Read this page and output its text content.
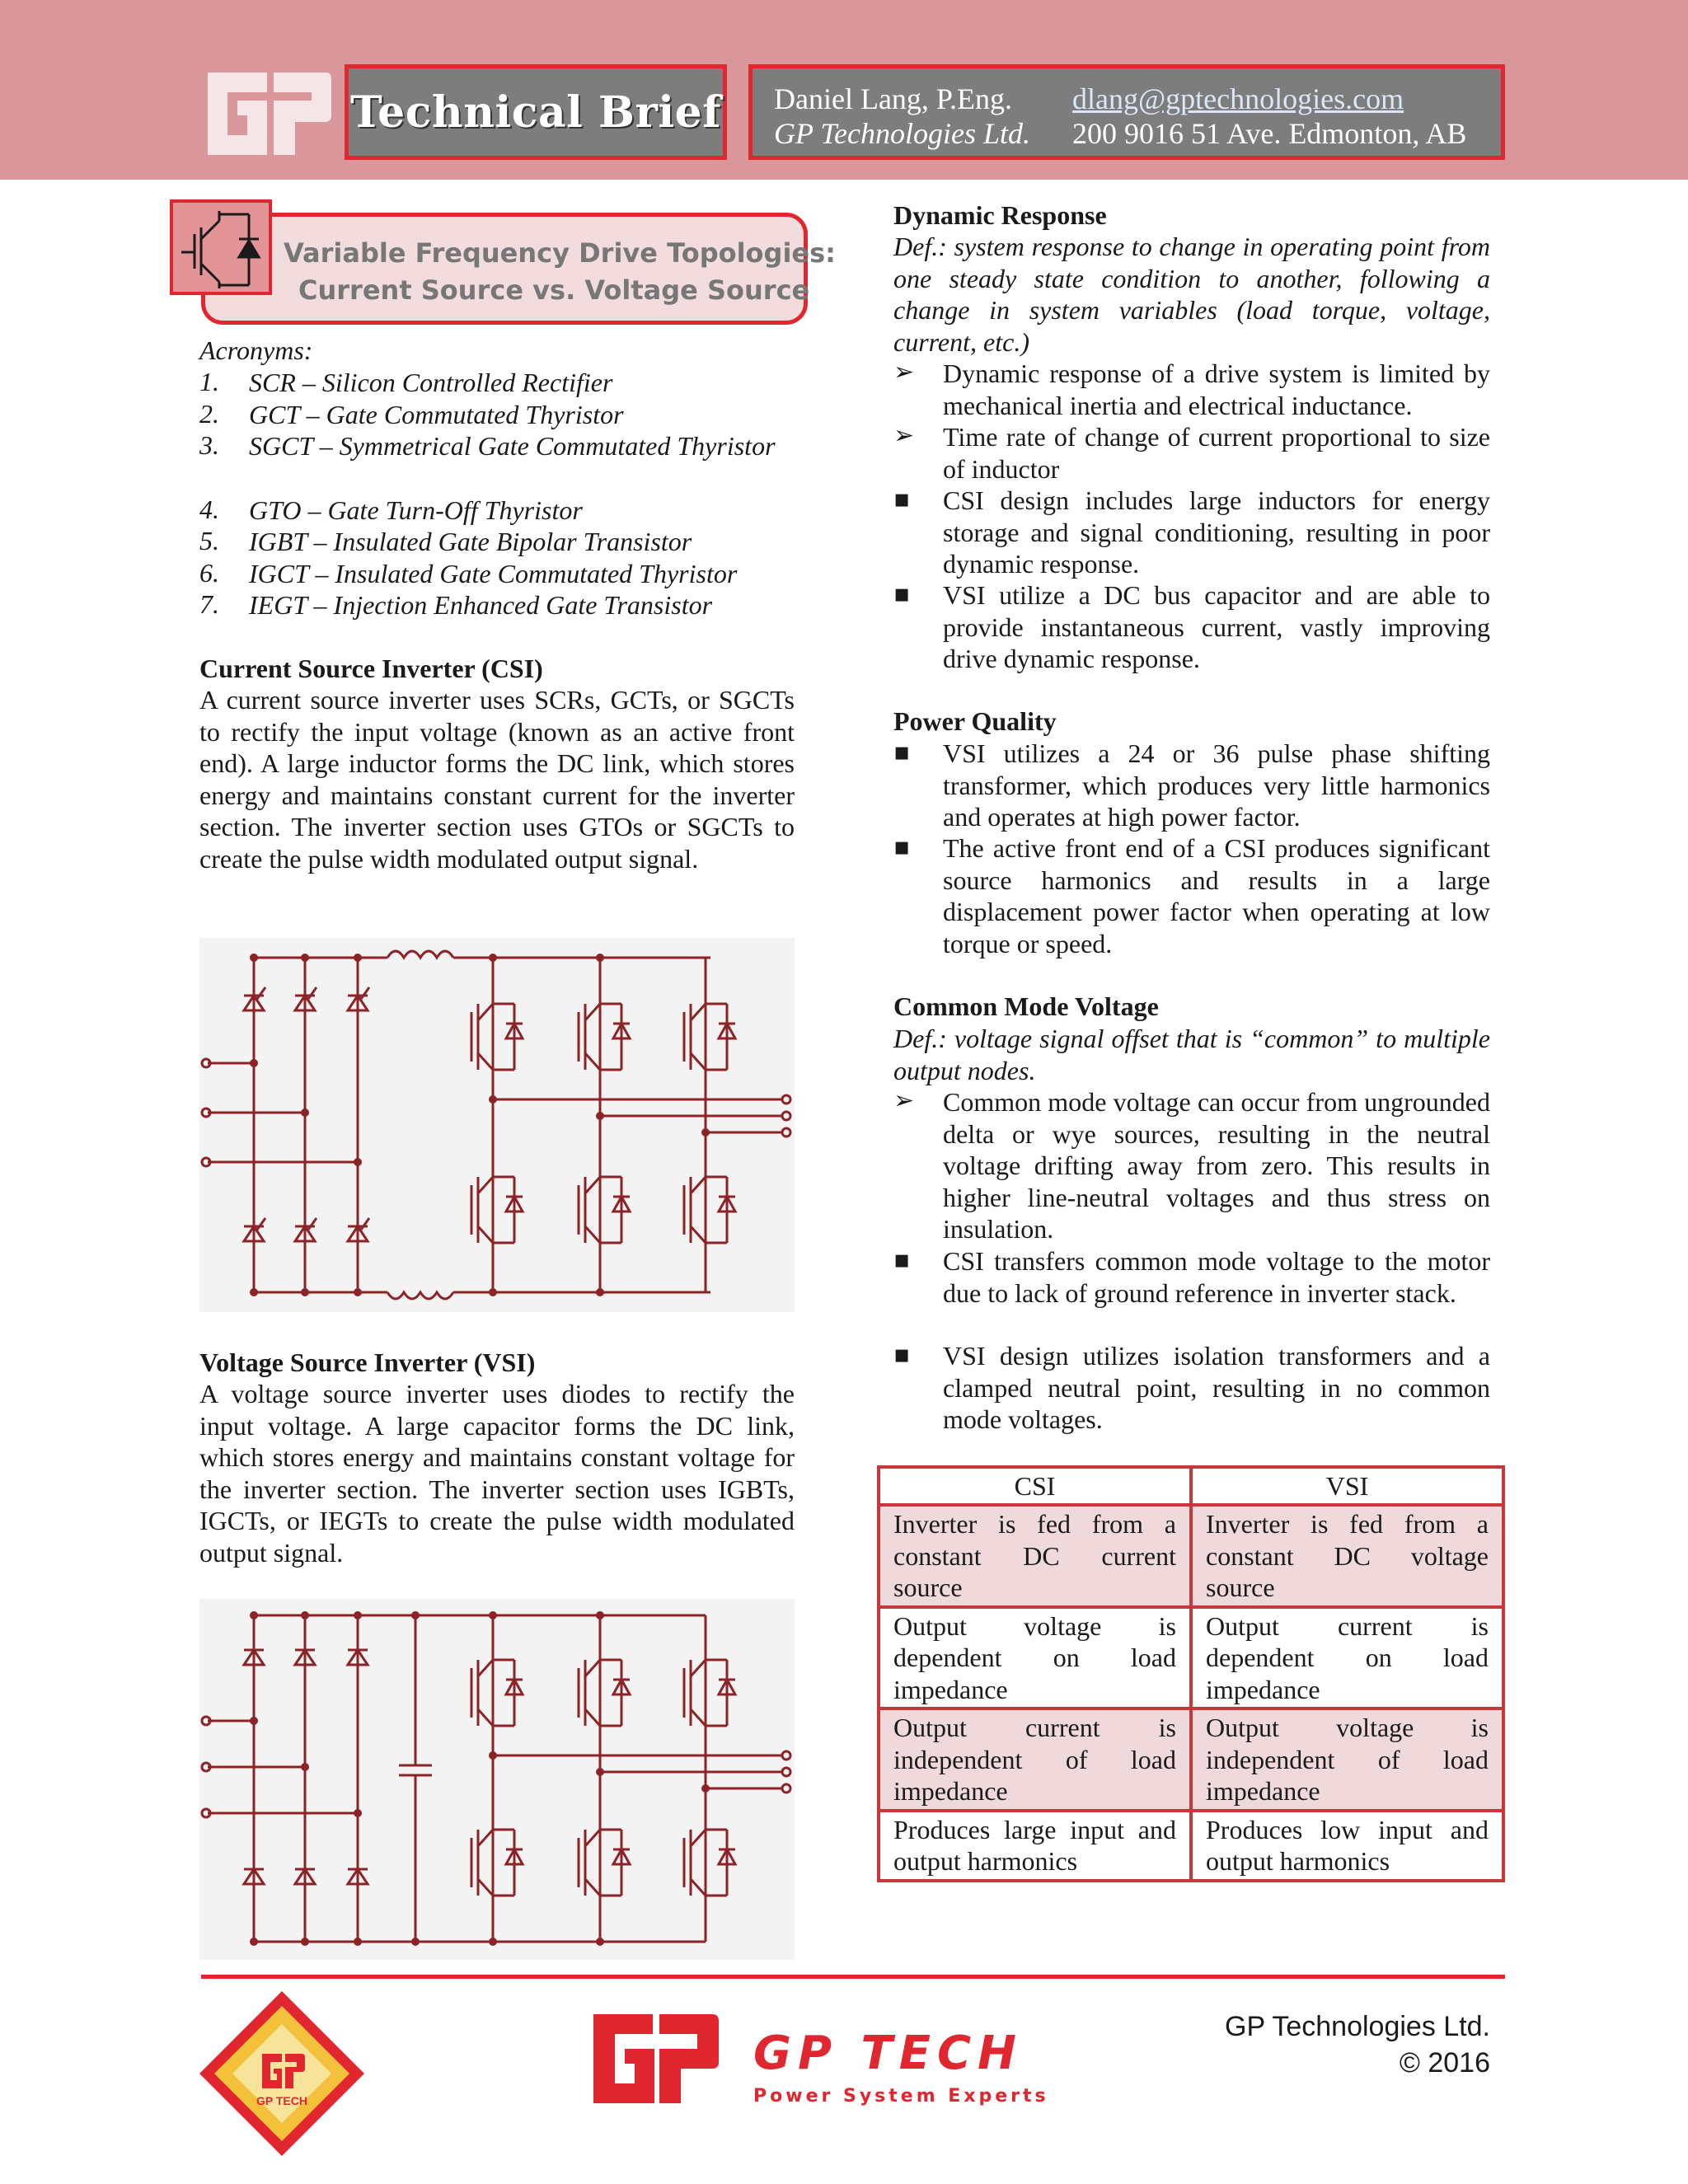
Technical Brief Daniel Lang, P.Eng.
GP Technologies Ltd.
dlang@gptechnologies.com
200 9016 51 Ave. Edmonton, AB
Variable Frequency Drive Topologies:
Current Source vs. Voltage Source
Acronyms:
1. SCR – Silicon Controlled Rectifier
2. GCT – Gate Commutated Thyristor
3. SGCT – Symmetrical Gate Commutated Thyristor
4. GTO – Gate Turn-Off Thyristor
5. IGBT – Insulated Gate Bipolar Transistor
6. IGCT – Insulated Gate Commutated Thyristor
7. IEGT – Injection Enhanced Gate Transistor
Current Source Inverter (CSI)
A current source inverter uses SCRs, GCTs, or SGCTs to rectify the input voltage (known as an active front end). A large inductor forms the DC link, which stores energy and maintains constant current for the inverter section. The inverter section uses GTOs or SGCTs to create the pulse width modulated output signal.
Voltage Source Inverter (VSI)
A voltage source inverter uses diodes to rectify the input voltage. A large capacitor forms the DC link, which stores energy and maintains constant voltage for the inverter section. The inverter section uses IGBTs, IGCTs, or IEGTs to create the pulse width modulated output signal.
Dynamic Response
Def.: system response to change in operating point from one steady state condition to another, following a change in system variables (load torque, voltage, current, etc.)
➢ Dynamic response of a drive system is limited by mechanical inertia and electrical inductance.
➢ Time rate of change of current proportional to size of inductor
▪ CSI design includes large inductors for energy storage and signal conditioning, resulting in poor dynamic response.
▪ VSI utilize a DC bus capacitor and are able to provide instantaneous current, vastly improving drive dynamic response.
Power Quality
▪ VSI utilizes a 24 or 36 pulse phase shifting transformer, which produces very little harmonics and operates at high power factor.
▪ The active front end of a CSI produces significant source harmonics and results in a large displacement power factor when operating at low torque or speed.
Common Mode Voltage
Def.: voltage signal offset that is “common” to multiple output nodes.
➢ Common mode voltage can occur from ungrounded delta or wye sources, resulting in the neutral voltage drifting away from zero. This results in higher line-neutral voltages and thus stress on insulation.
▪ CSI transfers common mode voltage to the motor due to lack of ground reference in inverter stack.
▪ VSI design utilizes isolation transformers and a clamped neutral point, resulting in no common mode voltages.
CSI	VSI
Inverter is fed from a constant DC current source	Inverter is fed from a constant DC voltage source
Output voltage is dependent on load impedance	Output current is dependent on load impedance
Output current is independent of load impedance	Output voltage is independent of load impedance
Produces large input and output harmonics	Produces low input and output harmonics
GP TECH
GP TECH
Power System Experts
GP Technologies Ltd.
© 2016
